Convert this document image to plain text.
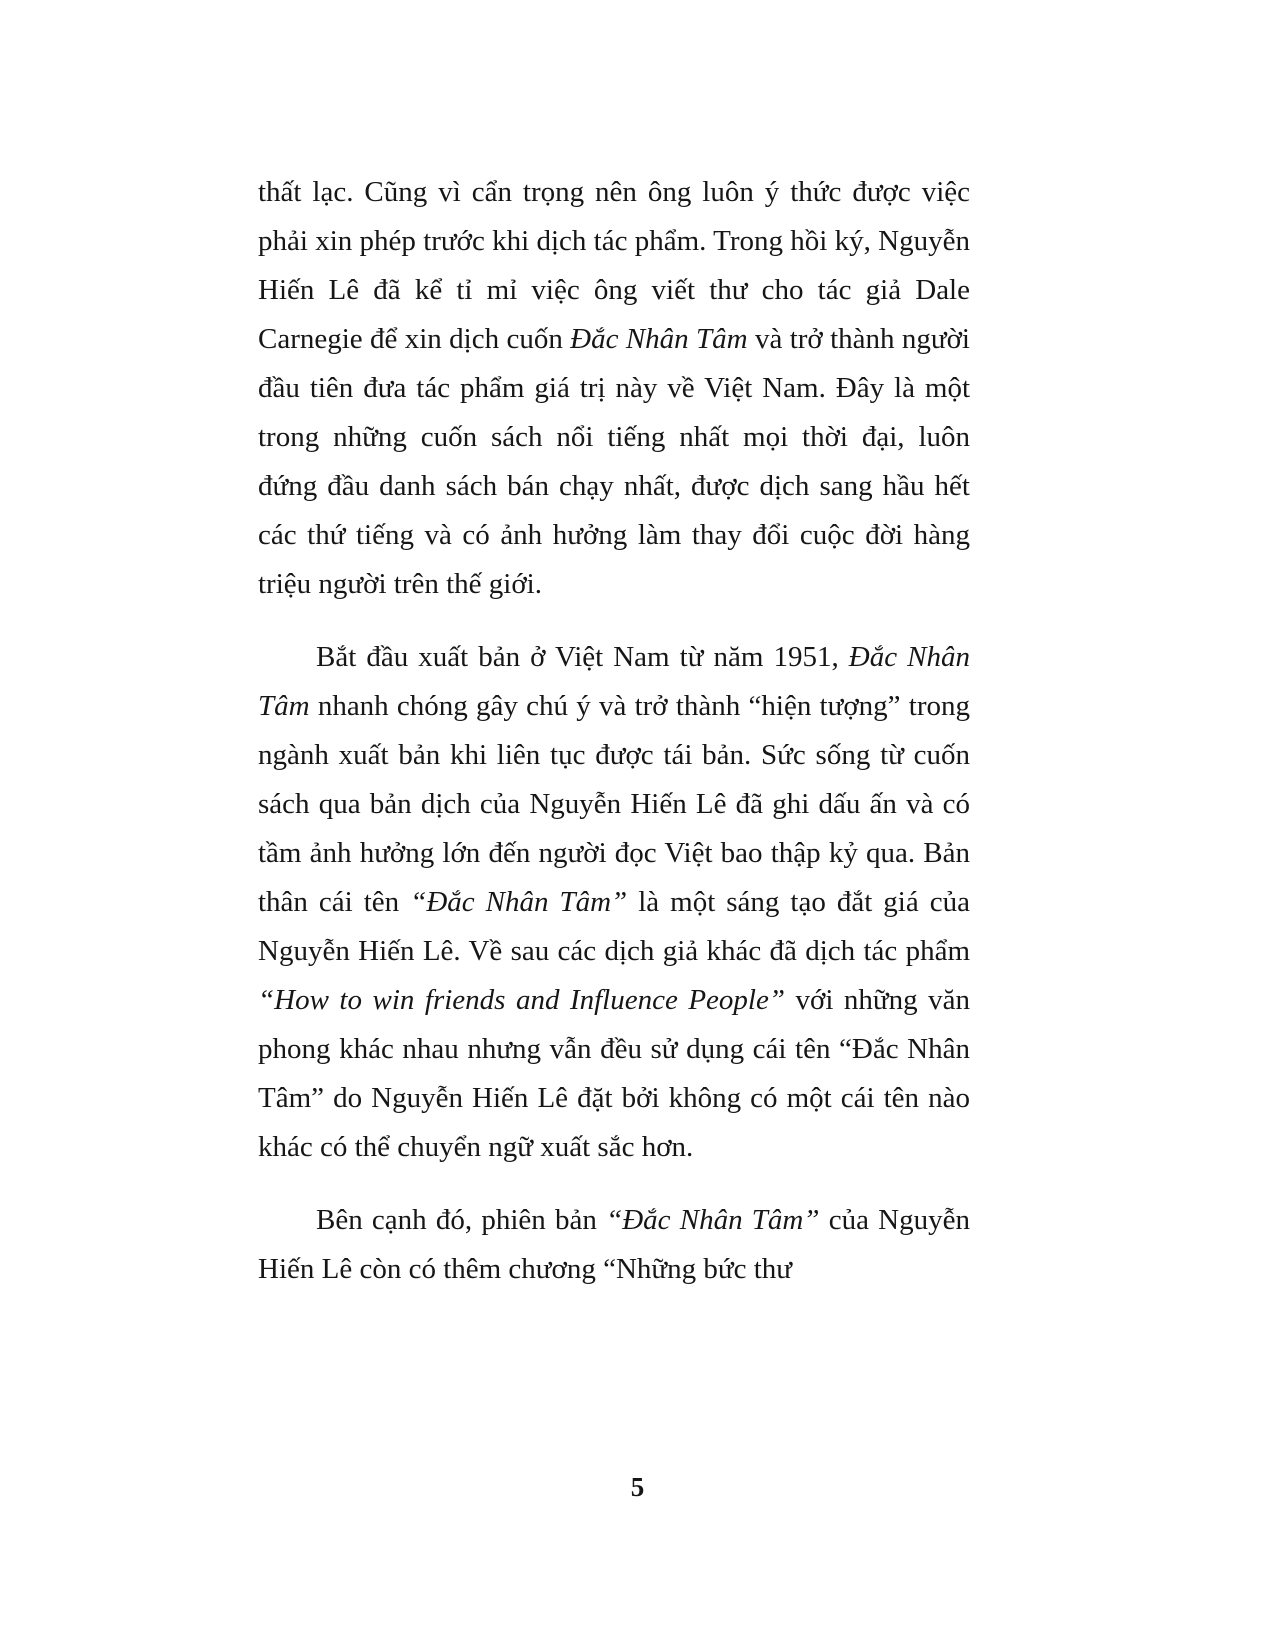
thất lạc. Cũng vì cẩn trọng nên ông luôn ý thức được việc phải xin phép trước khi dịch tác phẩm. Trong hồi ký, Nguyễn Hiến Lê đã kể tỉ mỉ việc ông viết thư cho tác giả Dale Carnegie để xin dịch cuốn Đắc Nhân Tâm và trở thành người đầu tiên đưa tác phẩm giá trị này về Việt Nam. Đây là một trong những cuốn sách nổi tiếng nhất mọi thời đại, luôn đứng đầu danh sách bán chạy nhất, được dịch sang hầu hết các thứ tiếng và có ảnh hưởng làm thay đổi cuộc đời hàng triệu người trên thế giới.

Bắt đầu xuất bản ở Việt Nam từ năm 1951, Đắc Nhân Tâm nhanh chóng gây chú ý và trở thành “hiện tượng” trong ngành xuất bản khi liên tục được tái bản. Sức sống từ cuốn sách qua bản dịch của Nguyễn Hiến Lê đã ghi dấu ấn và có tầm ảnh hưởng lớn đến người đọc Việt bao thập kỷ qua. Bản thân cái tên “Đắc Nhân Tâm” là một sáng tạo đắt giá của Nguyễn Hiến Lê. Về sau các dịch giả khác đã dịch tác phẩm “How to win friends and Influence People” với những văn phong khác nhau nhưng vẫn đều sử dụng cái tên “Đắc Nhân Tâm” do Nguyễn Hiến Lê đặt bởi không có một cái tên nào khác có thể chuyển ngữ xuất sắc hơn.

Bên cạnh đó, phiên bản “Đắc Nhân Tâm” của Nguyễn Hiến Lê còn có thêm chương “Những bức thư

5
